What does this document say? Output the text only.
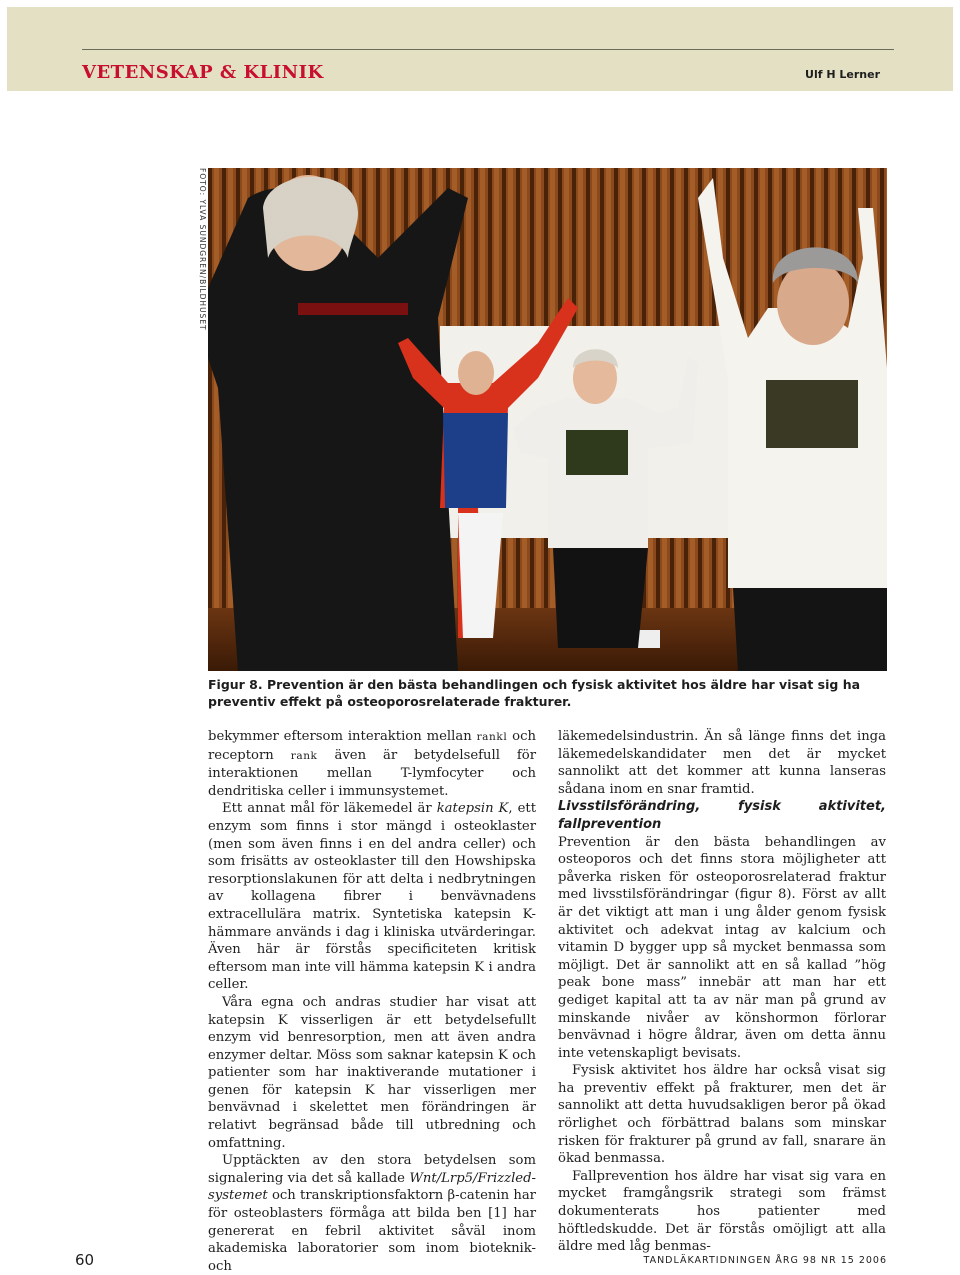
VETENSKAP & KLINIK	Ulf H Lerner
FOTO: YLVA SUNDGREN/BILDHUSET
Figur 8. Prevention är den bästa behandlingen och fysisk aktivitet hos äldre har visat sig ha preventiv effekt på osteoporosrelaterade frakturer.

bekymmer eftersom interaktion mellan rankl och receptorn rank även är betydelsefull för interaktionen mellan T-lymfocyter och dendritiska celler i immunsystemet.

Ett annat mål för läkemedel är katepsin K, ett enzym som finns i stor mängd i osteoklaster (men som även finns i en del andra celler) och som frisätts av osteoklaster till den Howshipska resorptionslakunen för att delta i nedbrytningen av kollagena fibrer i benvävnadens extracellulära matrix. Syntetiska katepsin K-hämmare används i dag i kliniska utvärderingar. Även här är förstås specificiteten kritisk eftersom man inte vill hämma katepsin K i andra celler.

Våra egna och andras studier har visat att katepsin K visserligen är ett betydelsefullt enzym vid benresorption, men att även andra enzymer deltar. Möss som saknar katepsin K och patienter som har inaktiverande mutationer i genen för katepsin K har visserligen mer benvävnad i skelettet men förändringen är relativt begränsad både till utbredning och omfattning.

Upptäckten av den stora betydelsen som signalering via det så kallade Wnt/Lrp5/Frizzled-systemet och transkriptionsfaktorn β-catenin har för osteoblasters förmåga att bilda ben [1] har genererat en febril aktivitet såväl inom akademiska laboratorier som inom bioteknik- och

läkemedelsindustrin. Än så länge finns det inga läkemedelskandidater men det är mycket sannolikt att det kommer att kunna lanseras sådana inom en snar framtid.

Livsstilsförändring, fysisk aktivitet, fallprevention

Prevention är den bästa behandlingen av osteoporos och det finns stora möjligheter att påverka risken för osteoporosrelaterad fraktur med livsstilsförändringar (figur 8). Först av allt är det viktigt att man i ung ålder genom fysisk aktivitet och adekvat intag av kalcium och vitamin D bygger upp så mycket benmassa som möjligt. Det är sannolikt att en så kallad ”hög peak bone mass” innebär att man har ett gediget kapital att ta av när man på grund av minskande nivåer av könshormon förlorar benvävnad i högre åldrar, även om detta ännu inte vetenskapligt bevisats.

Fysisk aktivitet hos äldre har också visat sig ha preventiv effekt på frakturer, men det är sannolikt att detta huvudsakligen beror på ökad rörlighet och förbättrad balans som minskar risken för frakturer på grund av fall, snarare än ökad benmassa.

Fallprevention hos äldre har visat sig vara en mycket framgångsrik strategi som främst dokumenterats hos patienter med höftledskudde. Det är förstås omöjligt att alla äldre med låg benmas-

60	TANDLÄKARTIDNINGEN ÅRG 98 NR 15 2006
